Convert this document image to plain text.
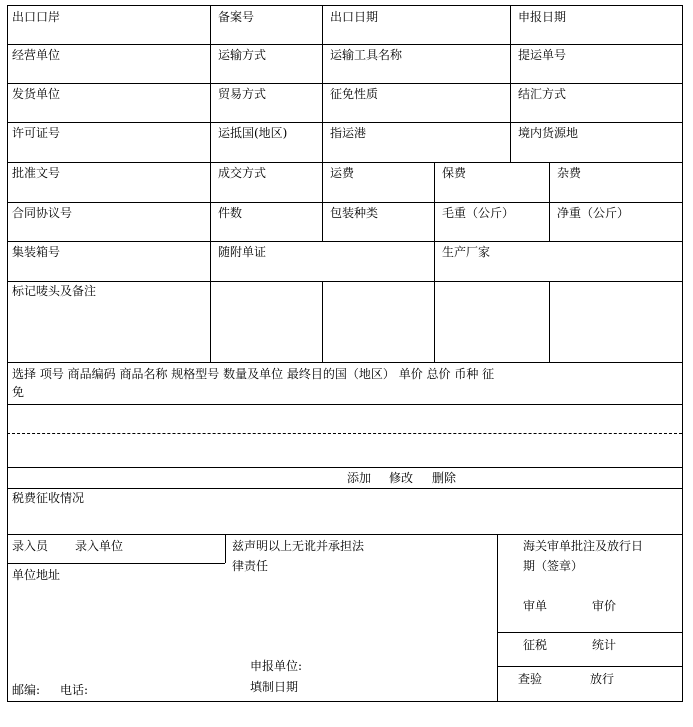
出口口岸	备案号	出口日期	申报日期
经营单位	运输方式	运输工具名称	提运单号
发货单位	贸易方式	征免性质	结汇方式
许可证号	运抵国(地区)	指运港	境内货源地
批准文号	成交方式	运费	保费	杂费
合同协议号	件数	包装种类	毛重（公斤）	净重（公斤）
集装箱号	随附单证	生产厂家
标记唛头及备注
选择 项号 商品编码 商品名称 规格型号 数量及单位 最终目的国（地区） 单价 总价 币种 征
免
添加 修改 删除
税费征收情况
录入员 录入单位	兹声明以上无讹并承担法
律责任
单位地址
申报单位:
填制日期
邮编: 电话:
海关审单批注及放行日
期（签章）
审单	审价
征税	统计
查验	放行
